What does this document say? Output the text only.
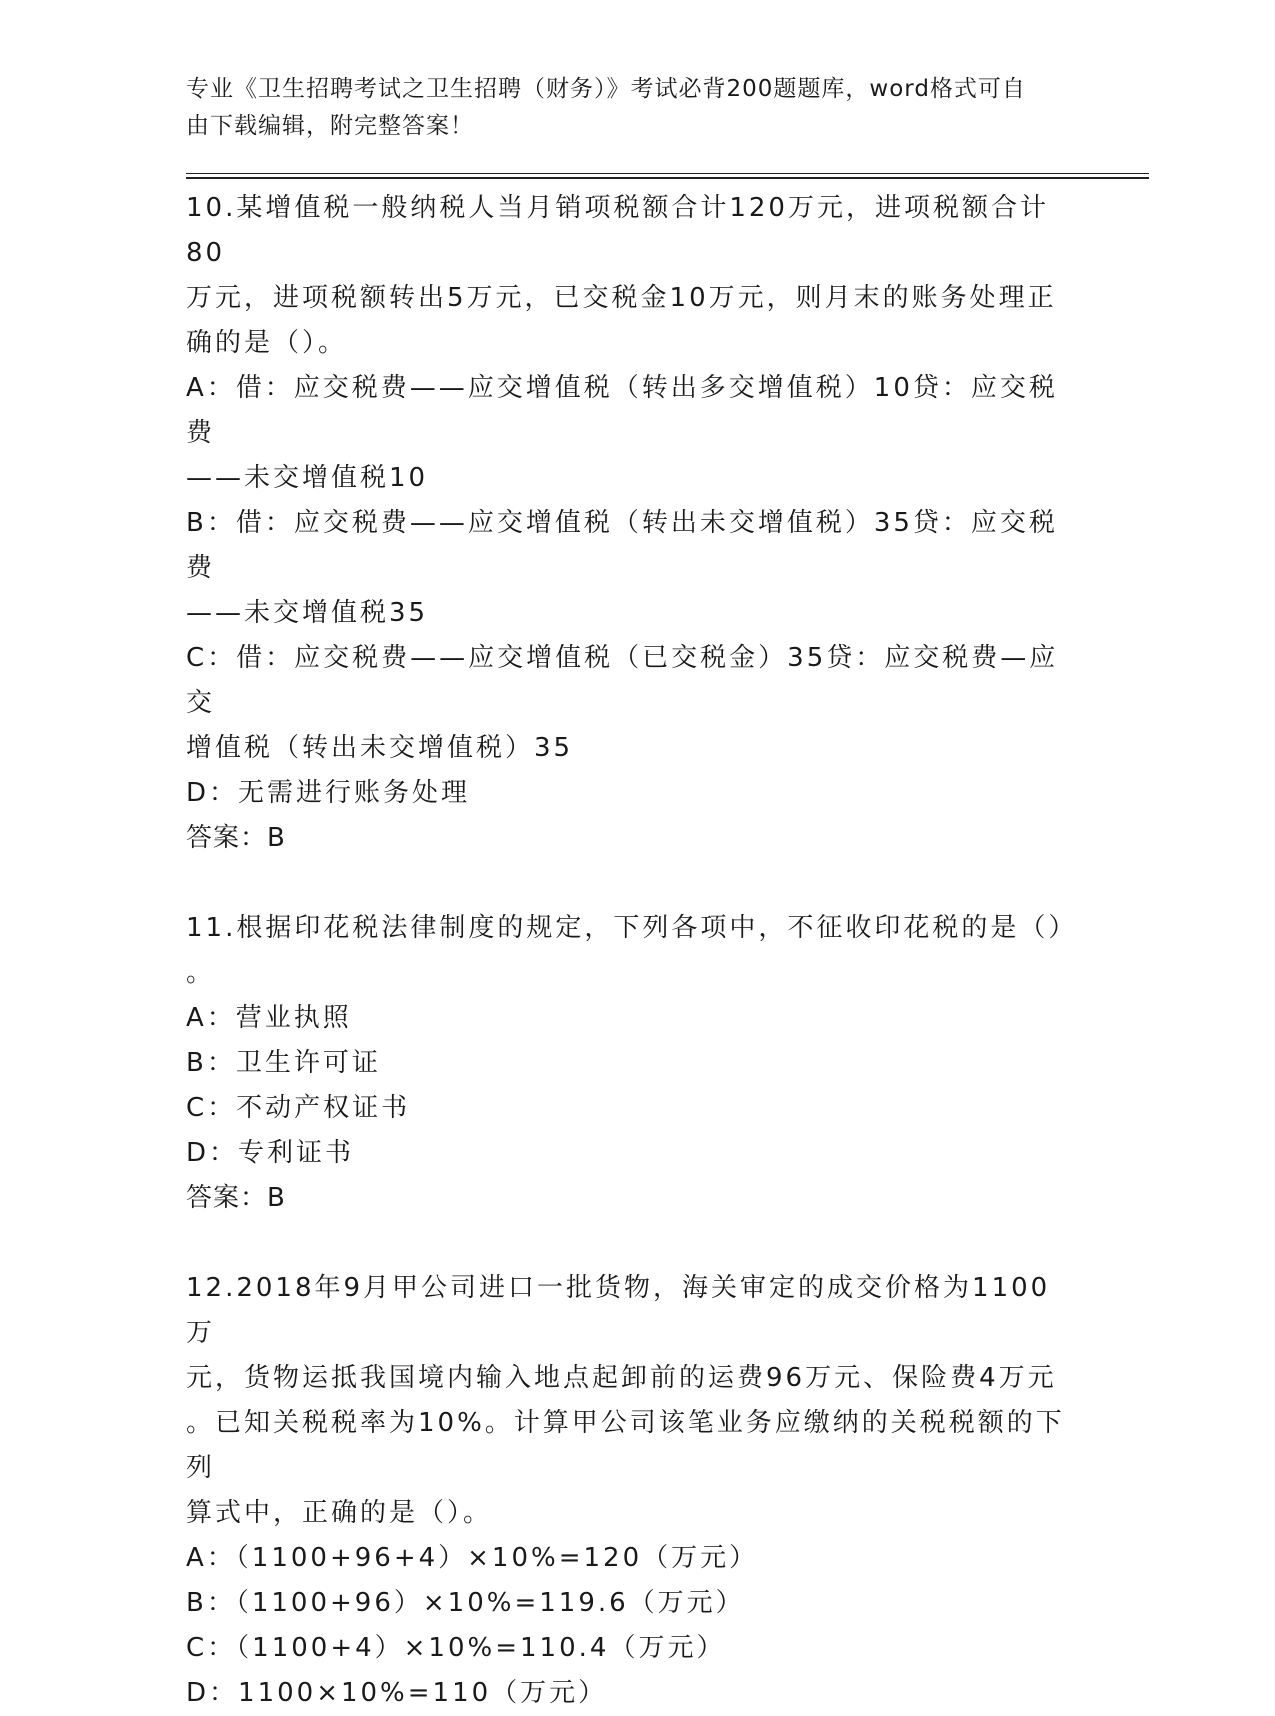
专业《卫生招聘考试之卫生招聘（财务）》考试必背200题题库，word格式可自
由下载编辑，附完整答案！
10.某增值税一般纳税人当月销项税额合计120万元，进项税额合计80
万元，进项税额转出5万元，已交税金10万元，则月末的账务处理正
确的是（）。
A：借：应交税费——应交增值税（转出多交增值税）10贷：应交税费
——未交增值税10
B：借：应交税费——应交增值税（转出未交增值税）35贷：应交税费
——未交增值税35
C：借：应交税费——应交增值税（已交税金）35贷：应交税费—应交
增值税（转出未交增值税）35
D：无需进行账务处理
答案：B
11.根据印花税法律制度的规定，下列各项中，不征收印花税的是（）
。
A：营业执照
B：卫生许可证
C：不动产权证书
D：专利证书
答案：B
12.2018年9月甲公司进口一批货物，海关审定的成交价格为1100万
元，货物运抵我国境内输入地点起卸前的运费96万元、保险费4万元
。已知关税税率为10%。计算甲公司该笔业务应缴纳的关税税额的下列
算式中，正确的是（）。
A：（1100+96+4）×10%=120（万元）
B：（1100+96）×10%=119.6（万元）
C：（1100+4）×10%=110.4（万元）
D：1100×10%=110（万元）
